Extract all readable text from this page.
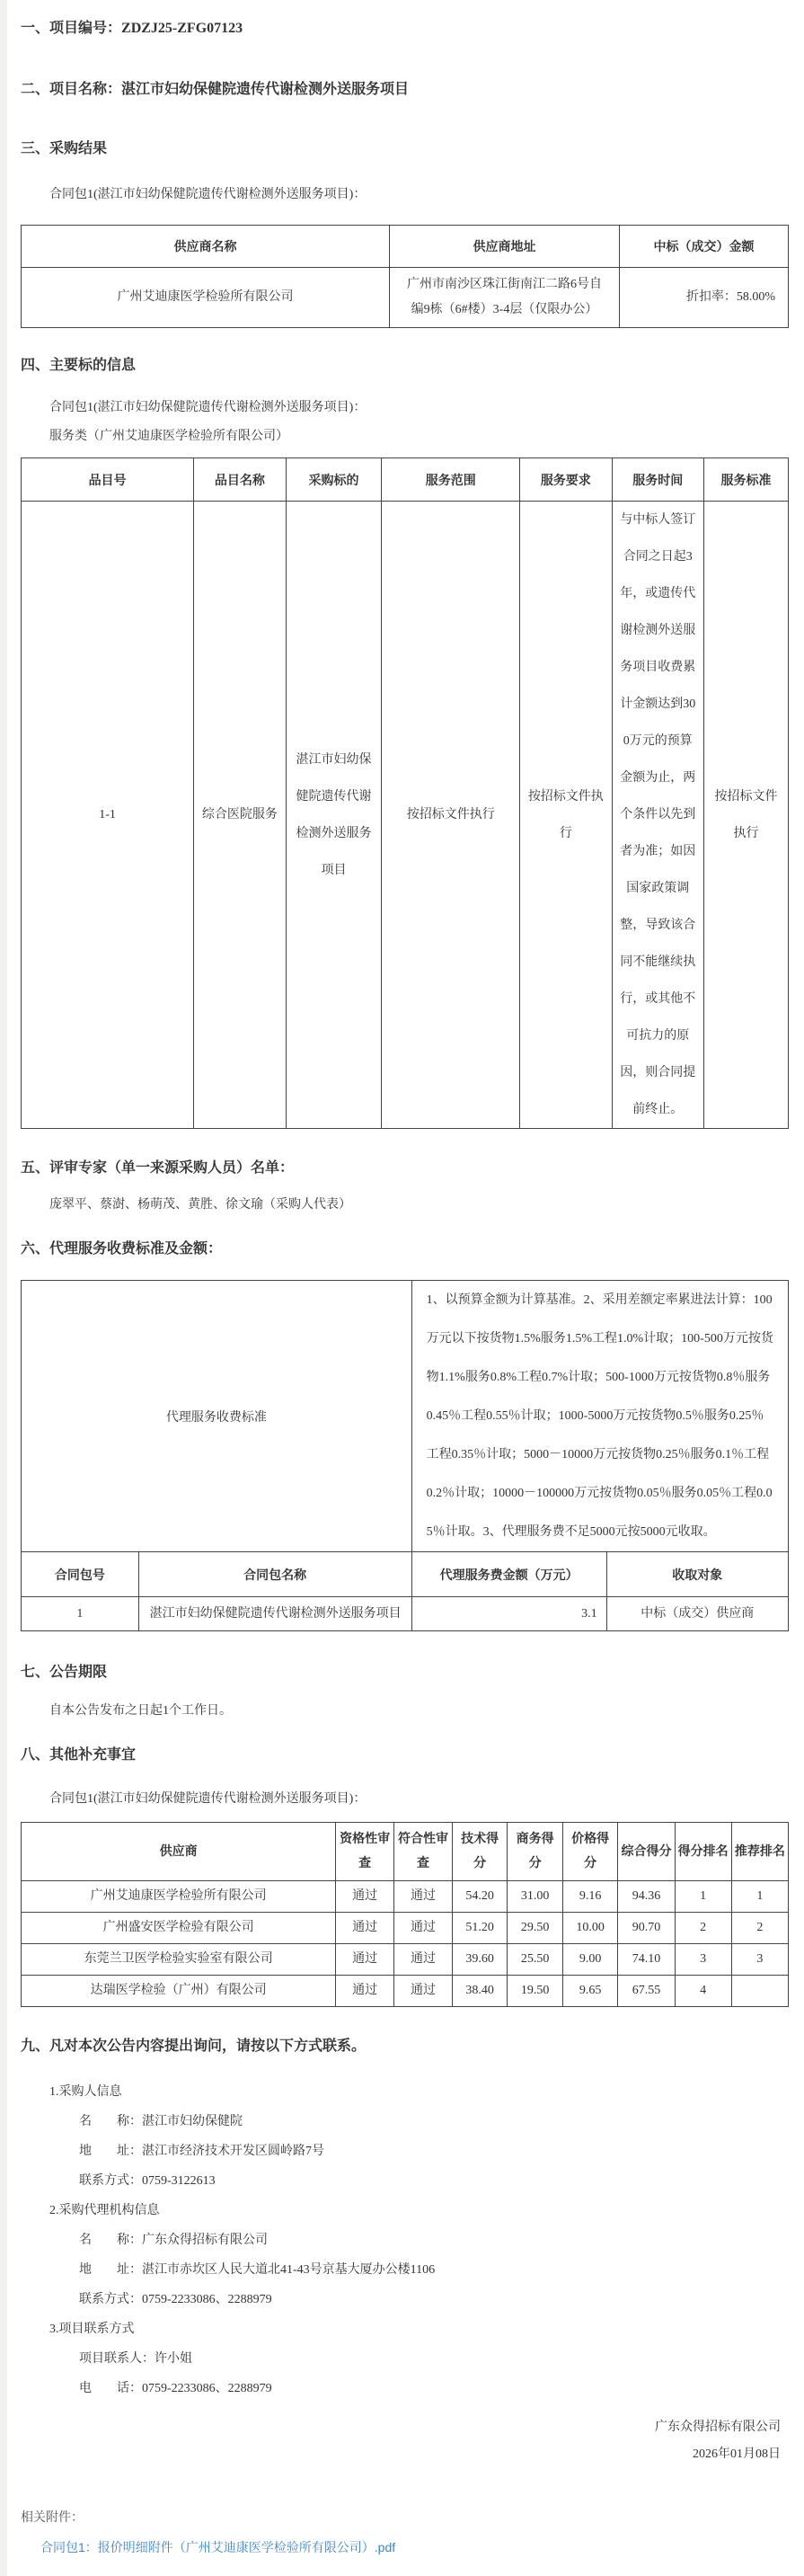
一、项目编号：ZDZJ25-ZFG07123
二、项目名称：湛江市妇幼保健院遗传代谢检测外送服务项目
三、采购结果
合同包1(湛江市妇幼保健院遗传代谢检测外送服务项目)：
供应商名称	供应商地址	中标（成交）金额
广州艾迪康医学检验所有限公司	广州市南沙区珠江街南江二路6号自编9栋（6#楼）3-4层（仅限办公）	折扣率：58.00%
四、主要标的信息
合同包1(湛江市妇幼保健院遗传代谢检测外送服务项目)：
服务类（广州艾迪康医学检验所有限公司）
品目号	品目名称	采购标的	服务范围	服务要求	服务时间	服务标准
1-1	综合医院服务	湛江市妇幼保健院遗传代谢检测外送服务项目	按招标文件执行	按招标文件执行	与中标人签订合同之日起3年，或遗传代谢检测外送服务项目收费累计金额达到300万元的预算金额为止，两个条件以先到者为准；如因国家政策调整，导致该合同不能继续执行，或其他不可抗力的原因，则合同提前终止。	按招标文件执行
五、评审专家（单一来源采购人员）名单：
庞翠平、蔡澍、杨萌茂、黄胜、徐文瑜（采购人代表）
六、代理服务收费标准及金额：
代理服务收费标准		1、以预算金额为计算基准。2、采用差额定率累进法计算：100万元以下按货物1.5%服务1.5%工程1.0%计取；100-500万元按货物1.1%服务0.8%工程0.7%计取；500-1000万元按货物0.8％服务0.45％工程0.55％计取；1000-5000万元按货物0.5％服务0.25％工程0.35％计取；5000－10000万元按货物0.25％服务0.1％工程0.2％计取；10000－100000万元按货物0.05％服务0.05％工程0.05％计取。3、代理服务费不足5000元按5000元收取。	
合同包号	合同包名称	代理服务费金额（万元）	收取对象
1	湛江市妇幼保健院遗传代谢检测外送服务项目	3.1	中标（成交）供应商
七、公告期限
自本公告发布之日起1个工作日。
八、其他补充事宜
合同包1(湛江市妇幼保健院遗传代谢检测外送服务项目)：
供应商	资格性审查	符合性审查	技术得分	商务得分	价格得分	综合得分	得分排名	推荐排名
广州艾迪康医学检验所有限公司	通过	通过	54.20	31.00	9.16	94.36	1	1
广州盛安医学检验有限公司	通过	通过	51.20	29.50	10.00	90.70	2	2
东莞兰卫医学检验实验室有限公司	通过	通过	39.60	25.50	9.00	74.10	3	3
达瑞医学检验（广州）有限公司	通过	通过	38.40	19.50	9.65	67.55	4	
九、凡对本次公告内容提出询问，请按以下方式联系。
1.采购人信息
名　　称：湛江市妇幼保健院
地　　址：湛江市经济技术开发区圆岭路7号
联系方式：0759-3122613
2.采购代理机构信息
名　　称：广东众得招标有限公司
地　　址：湛江市赤坎区人民大道北41-43号京基大厦办公楼1106
联系方式：0759-2233086、2288979
3.项目联系方式
项目联系人：许小姐
电　　话：0759-2233086、2288979
广东众得招标有限公司
2026年01月08日
相关附件：
合同包1：报价明细附件（广州艾迪康医学检验所有限公司）.pdf
